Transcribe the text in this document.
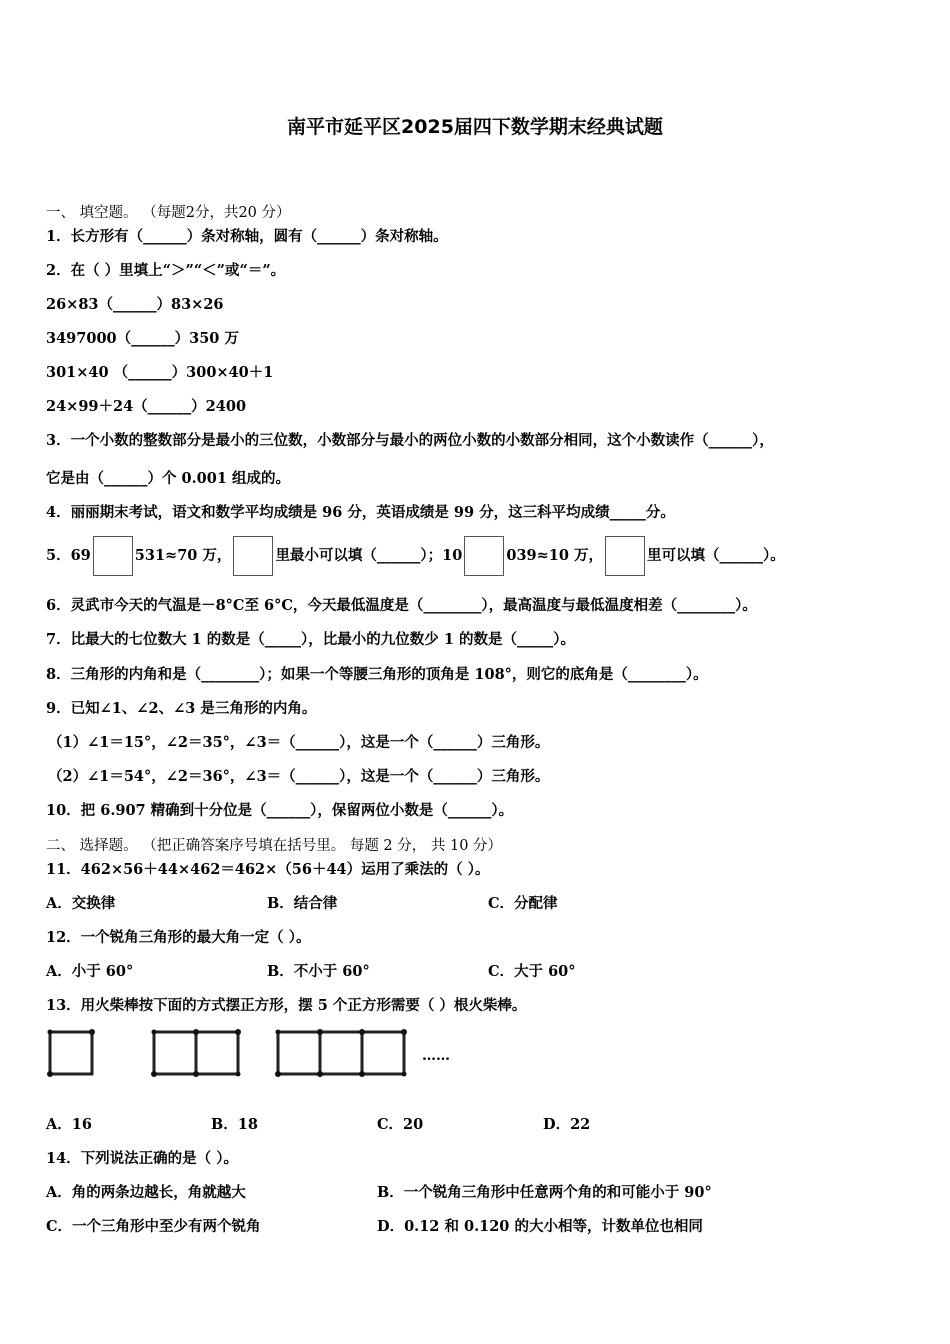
南平市延平区2025届四下数学期末经典试题
一、 填空题。 （每题2分，共20 分）
1．长方形有（______）条对称轴，圆有（______）条对称轴。
2．在（ ）里填上“＞”“＜”或“＝”。
26×83（______）83×26
3497000（______）350 万
301×40 （______）300×40＋1
24×99＋24（______）2400
3．一个小数的整数部分是最小的三位数，小数部分与最小的两位小数的小数部分相同，这个小数读作（______），
它是由（______）个 0.001 组成的。
4．丽丽期末考试，语文和数学平均成绩是 96 分，英语成绩是 99 分，这三科平均成绩_____分。
5．69	531≈70 万，	里最小可以填（______）；10	039≈10 万，	里可以填（______）。
6．灵武市今天的气温是－8°C至 6°C，今天最低温度是（________），最高温度与最低温度相差（________）。
7．比最大的七位数大 1 的数是（_____），比最小的九位数少 1 的数是（_____）。
8．三角形的内角和是（________）；如果一个等腰三角形的顶角是 108°，则它的底角是（________）。
9．已知∠1、∠2、∠3 是三角形的内角。
（1）∠1＝15°，∠2＝35°，∠3＝（______），这是一个（______）三角形。
（2）∠1＝54°，∠2＝36°，∠3＝（______），这是一个（______）三角形。
10．把 6.907 精确到十分位是（______），保留两位小数是（______）。
二、 选择题。 （把正确答案序号填在括号里。 每题 2 分， 共 10 分）
11．462×56＋44×462＝462×（56＋44）运用了乘法的（ ）。
A．交换律	B．结合律	C．分配律
12．一个锐角三角形的最大角一定（ ）。
A．小于 60°	B．不小于 60°	C．大于 60°
13．用火柴棒按下面的方式摆正方形，摆 5 个正方形需要（ ）根火柴棒。
……
A．16	B．18	C．20	D．22
14．下列说法正确的是（ ）。
A．角的两条边越长，角就越大	B．一个锐角三角形中任意两个角的和可能小于 90°
C．一个三角形中至少有两个锐角	D．0.12 和 0.120 的大小相等，计数单位也相同
